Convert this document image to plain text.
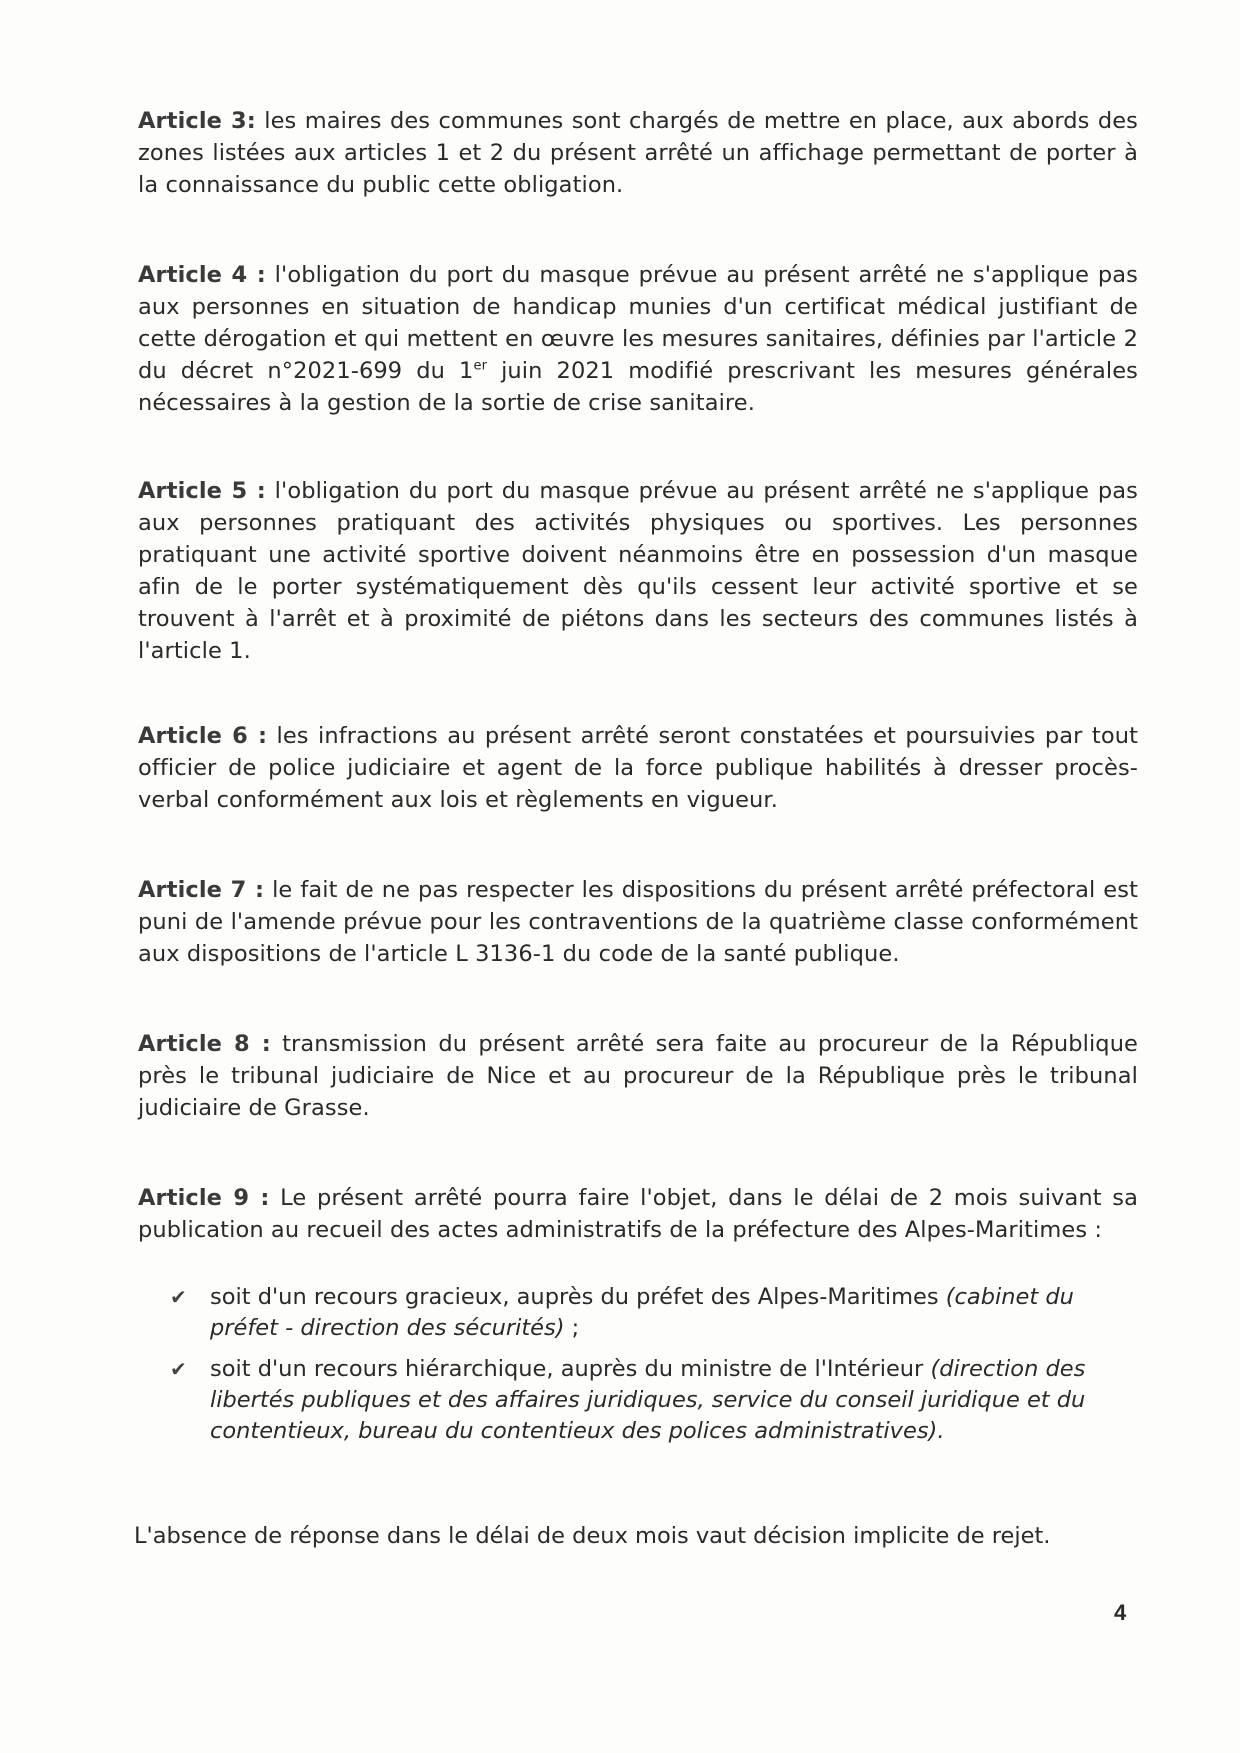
Article 3: les maires des communes sont chargés de mettre en place, aux abords des zones listées aux articles 1 et 2 du présent arrêté un affichage permettant de porter à la connaissance du public cette obligation.

Article 4 : l'obligation du port du masque prévue au présent arrêté ne s'applique pas aux personnes en situation de handicap munies d'un certificat médical justifiant de cette dérogation et qui mettent en œuvre les mesures sanitaires, définies par l'article 2 du décret n°2021-699 du 1er juin 2021 modifié prescrivant les mesures générales nécessaires à la gestion de la sortie de crise sanitaire.

Article 5 : l'obligation du port du masque prévue au présent arrêté ne s'applique pas aux personnes pratiquant des activités physiques ou sportives. Les personnes pratiquant une activité sportive doivent néanmoins être en possession d'un masque afin de le porter systématiquement dès qu'ils cessent leur activité sportive et se trouvent à l'arrêt et à proximité de piétons dans les secteurs des communes listés à l'article 1.

Article 6 : les infractions au présent arrêté seront constatées et poursuivies par tout officier de police judiciaire et agent de la force publique habilités à dresser procès-verbal conformément aux lois et règlements en vigueur.

Article 7 : le fait de ne pas respecter les dispositions du présent arrêté préfectoral est puni de l'amende prévue pour les contraventions de la quatrième classe conformément aux dispositions de l'article L 3136-1 du code de la santé publique.

Article 8 : transmission du présent arrêté sera faite au procureur de la République près le tribunal judiciaire de Nice et au procureur de la République près le tribunal judiciaire de Grasse.

Article 9 : Le présent arrêté pourra faire l'objet, dans le délai de 2 mois suivant sa publication au recueil des actes administratifs de la préfecture des Alpes-Maritimes :

✔ soit d'un recours gracieux, auprès du préfet des Alpes-Maritimes (cabinet du préfet - direction des sécurités) ;
✔ soit d'un recours hiérarchique, auprès du ministre de l'Intérieur (direction des libertés publiques et des affaires juridiques, service du conseil juridique et du contentieux, bureau du contentieux des polices administratives).

L'absence de réponse dans le délai de deux mois vaut décision implicite de rejet.

4
